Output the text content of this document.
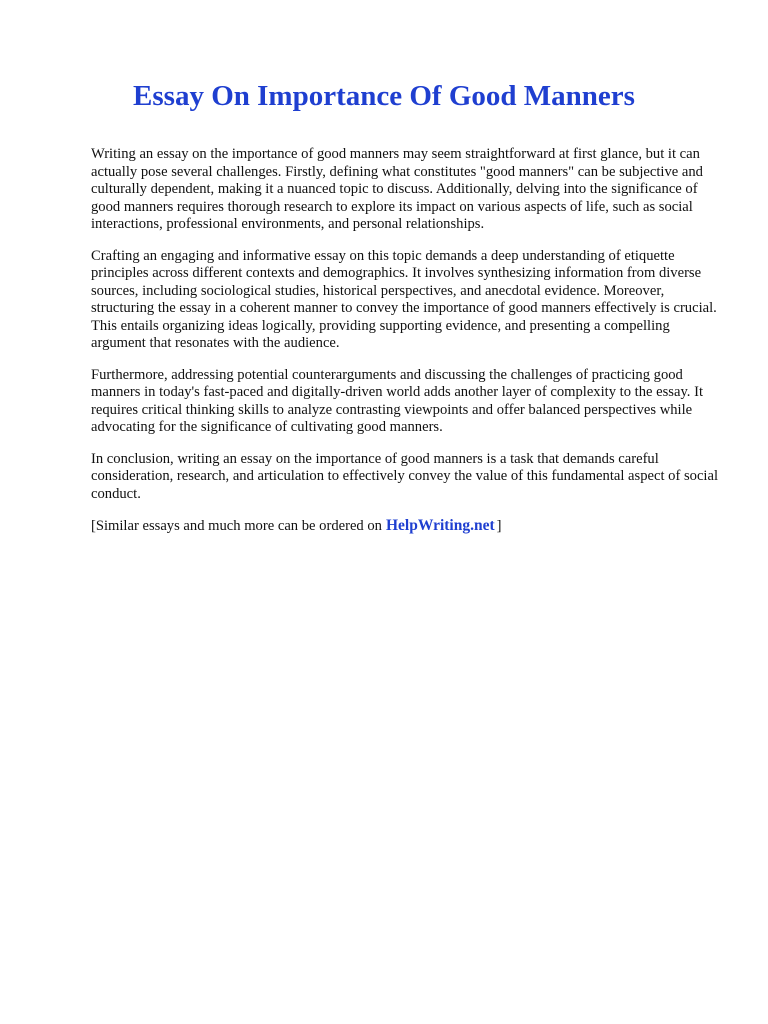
Essay On Importance Of Good Manners

Writing an essay on the importance of good manners may seem straightforward at first glance, but it can actually pose several challenges. Firstly, defining what constitutes "good manners" can be subjective and culturally dependent, making it a nuanced topic to discuss. Additionally, delving into the significance of good manners requires thorough research to explore its impact on various aspects of life, such as social interactions, professional environments, and personal relationships.

Crafting an engaging and informative essay on this topic demands a deep understanding of etiquette principles across different contexts and demographics. It involves synthesizing information from diverse sources, including sociological studies, historical perspectives, and anecdotal evidence. Moreover, structuring the essay in a coherent manner to convey the importance of good manners effectively is crucial. This entails organizing ideas logically, providing supporting evidence, and presenting a compelling argument that resonates with the audience.

Furthermore, addressing potential counterarguments and discussing the challenges of practicing good manners in today's fast-paced and digitally-driven world adds another layer of complexity to the essay. It requires critical thinking skills to analyze contrasting viewpoints and offer balanced perspectives while advocating for the significance of cultivating good manners.

In conclusion, writing an essay on the importance of good manners is a task that demands careful consideration, research, and articulation to effectively convey the value of this fundamental aspect of social conduct.

[Similar essays and much more can be ordered on HelpWriting.net ]
